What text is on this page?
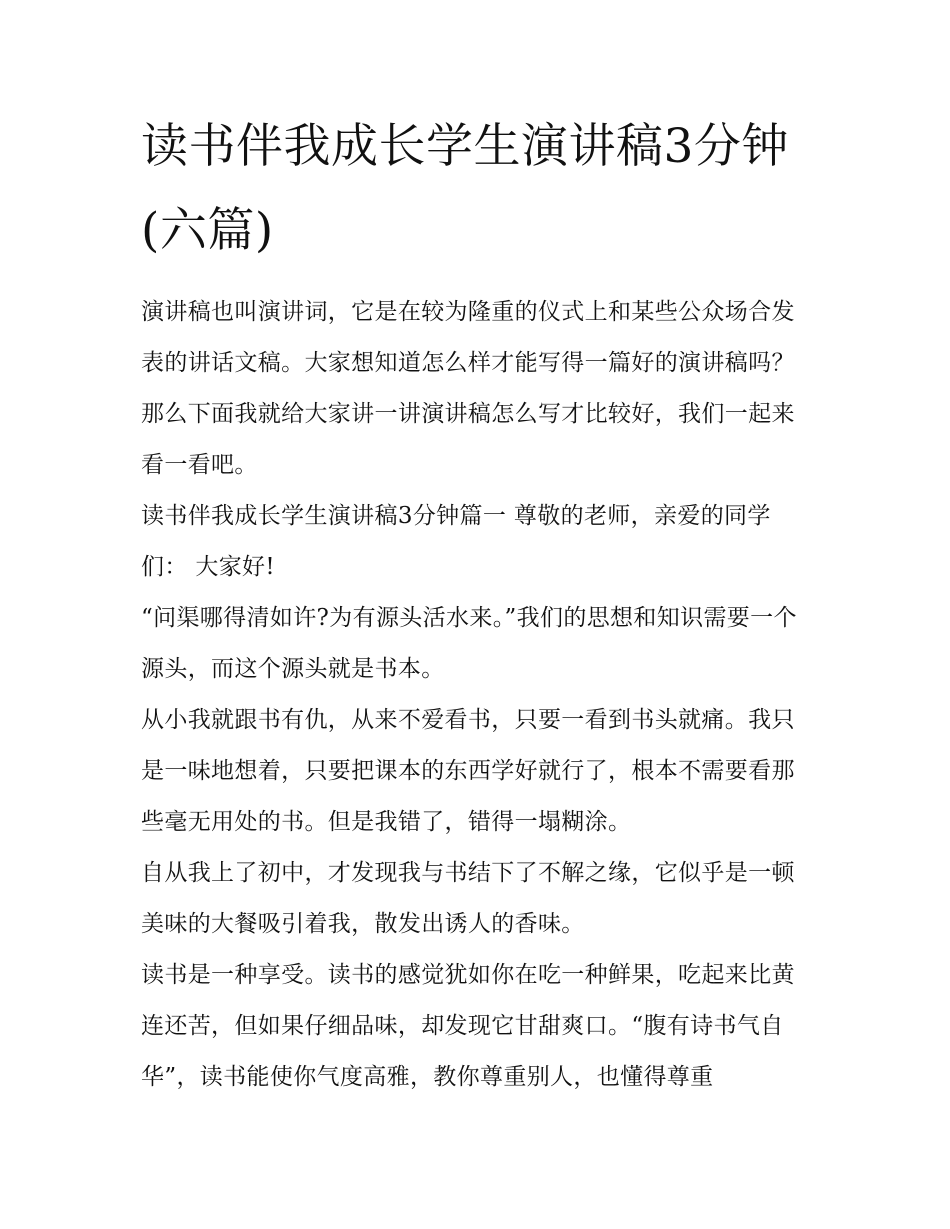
读书伴我成长学生演讲稿3分钟(六篇)

演讲稿也叫演讲词，它是在较为隆重的仪式上和某些公众场合发表的讲话文稿。大家想知道怎么样才能写得一篇好的演讲稿吗？那么下面我就给大家讲一讲演讲稿怎么写才比较好，我们一起来看一看吧。

读书伴我成长学生演讲稿3分钟篇一 尊敬的老师，亲爱的同学们： 大家好!

“问渠哪得清如许?为有源头活水来。”我们的思想和知识需要一个源头，而这个源头就是书本。

从小我就跟书有仇，从来不爱看书，只要一看到书头就痛。我只是一味地想着，只要把课本的东西学好就行了，根本不需要看那些毫无用处的书。但是我错了，错得一塌糊涂。

自从我上了初中，才发现我与书结下了不解之缘，它似乎是一顿美味的大餐吸引着我，散发出诱人的香味。

读书是一种享受。读书的感觉犹如你在吃一种鲜果，吃起来比黄连还苦，但如果仔细品味，却发现它甘甜爽口。“腹有诗书气自华”，读书能使你气度高雅，教你尊重别人，也懂得尊重
